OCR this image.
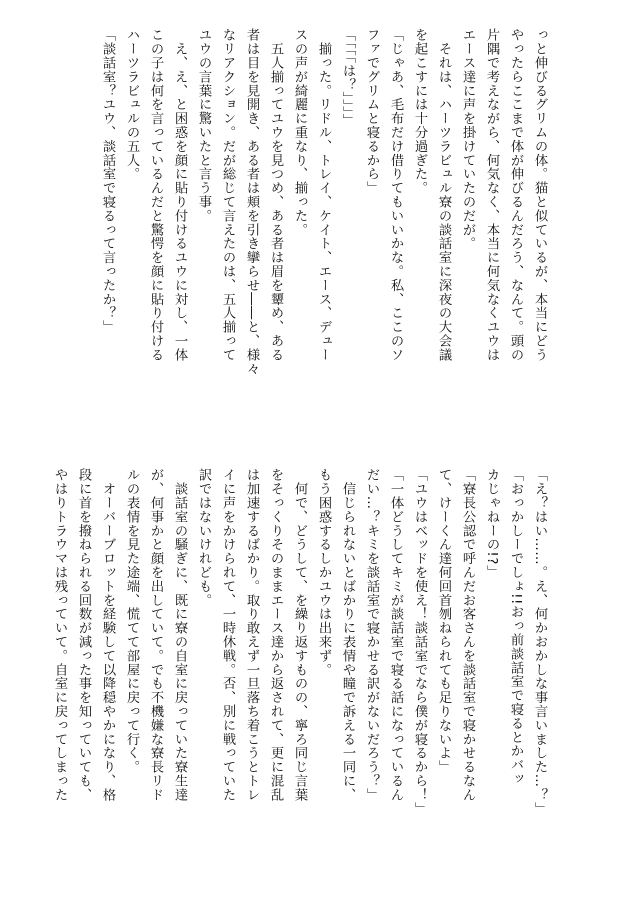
っと伸びるグリムの体。猫と似ているが、本当にどう
やったらここまで体が伸びるんだろう、なんて。頭の
片隅で考えながら、何気なく、本当に何気なくユウは
エース達に声を掛けていたのだが。
　それは、ハーツラビュル寮の談話室に深夜の大会議
を起こすには十分過ぎた。
「じゃあ、毛布だけ借りてもいいかな。私、ここのソ
ファでグリムと寝るから」
「「「「は？」」」」
　揃った。リドル、トレイ、ケイト、エース、デュー
スの声が綺麗に重なり、揃った。
　五人揃ってユウを見つめ、ある者は眉を顰め、ある
者は目を見開き、ある者は頬を引き攣らせ――と、様々
なリアクション。だが総じて言えたのは、五人揃って
ユウの言葉に驚いたと言う事。
　え、え、と困惑を顔に貼り付けるユウに対し、一体
この子は何を言っているんだと驚愕を顔に貼り付ける
ハーツラビュルの五人。
「談話室？ユウ、談話室で寝るって言ったか？」
「え？はい……。え、何かおかしな事言いました…？」
「おっかしーでしょ!!おっ前談話室で寝るとかバッ
カじゃねーの!?」
「寮長公認で呼んだお客さんを談話室で寝かせるなん
て、けーくん達何回首刎ねられても足りないよ」
「ユウはベッドを使え！談話室でなら僕が寝るから！」
「一体どうしてキミが談話室で寝る話になっているん
だい…？キミを談話室で寝かせる訳がないだろう？」
　信じられないとばかりに表情や瞳で訴える一同に、
もう困惑するしかユウは出来ず。
　何で、どうして、を繰り返すものの、寧ろ同じ言葉
をそっくりそのままエース達から返されて、更に混乱
は加速するばかり。取り敢えず一旦落ち着こうとトレ
イに声をかけられて、一時休戦。否、別に戦っていた
訳ではないけれども。
　談話室の騒ぎに、既に寮の自室に戻っていた寮生達
が、何事かと顔を出していて。でも不機嫌な寮長リド
ルの表情を見た途端、慌てて部屋に戻って行く。
　オーバーブロットを経験して以降穏やかになり、格
段に首を撥ねられる回数が減った事を知っていても、
やはりトラウマは残っていて。自室に戻ってしまった
